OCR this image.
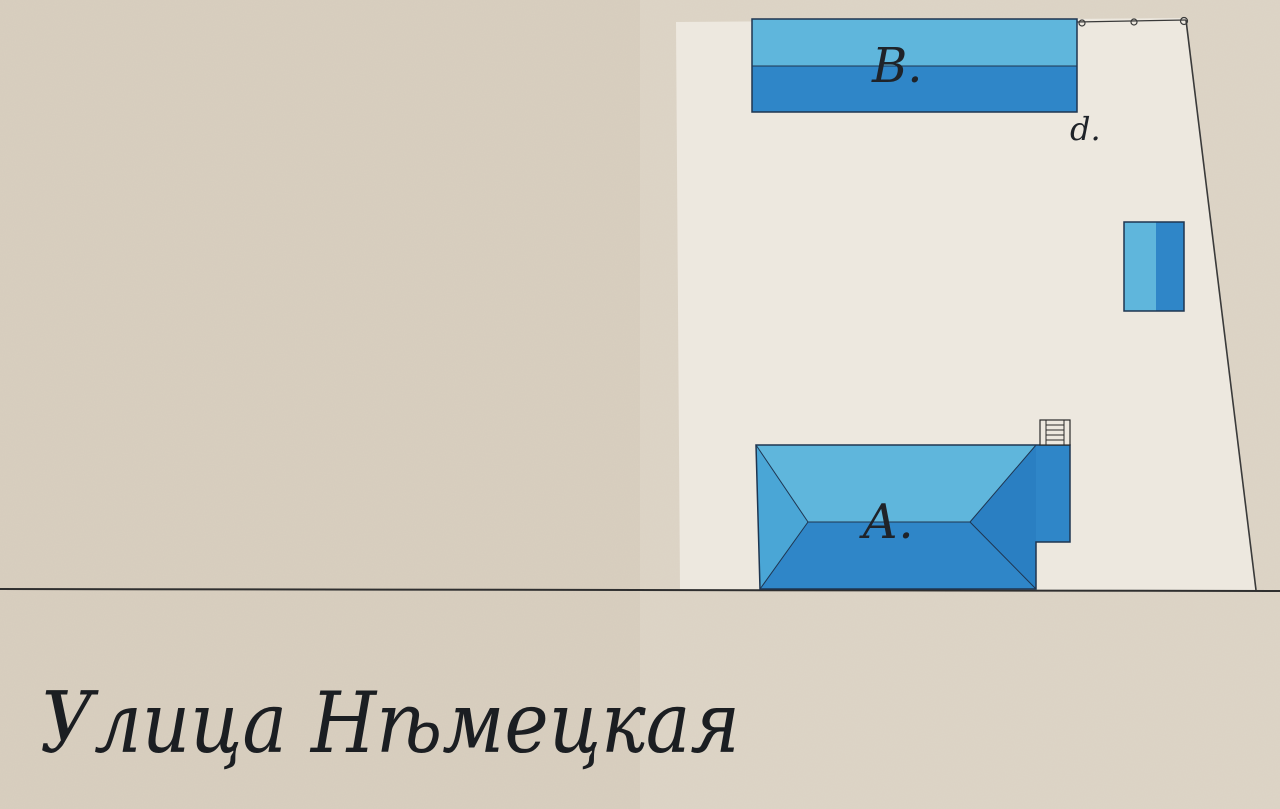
В.
d.
А.
Улица Нѣмецкая
